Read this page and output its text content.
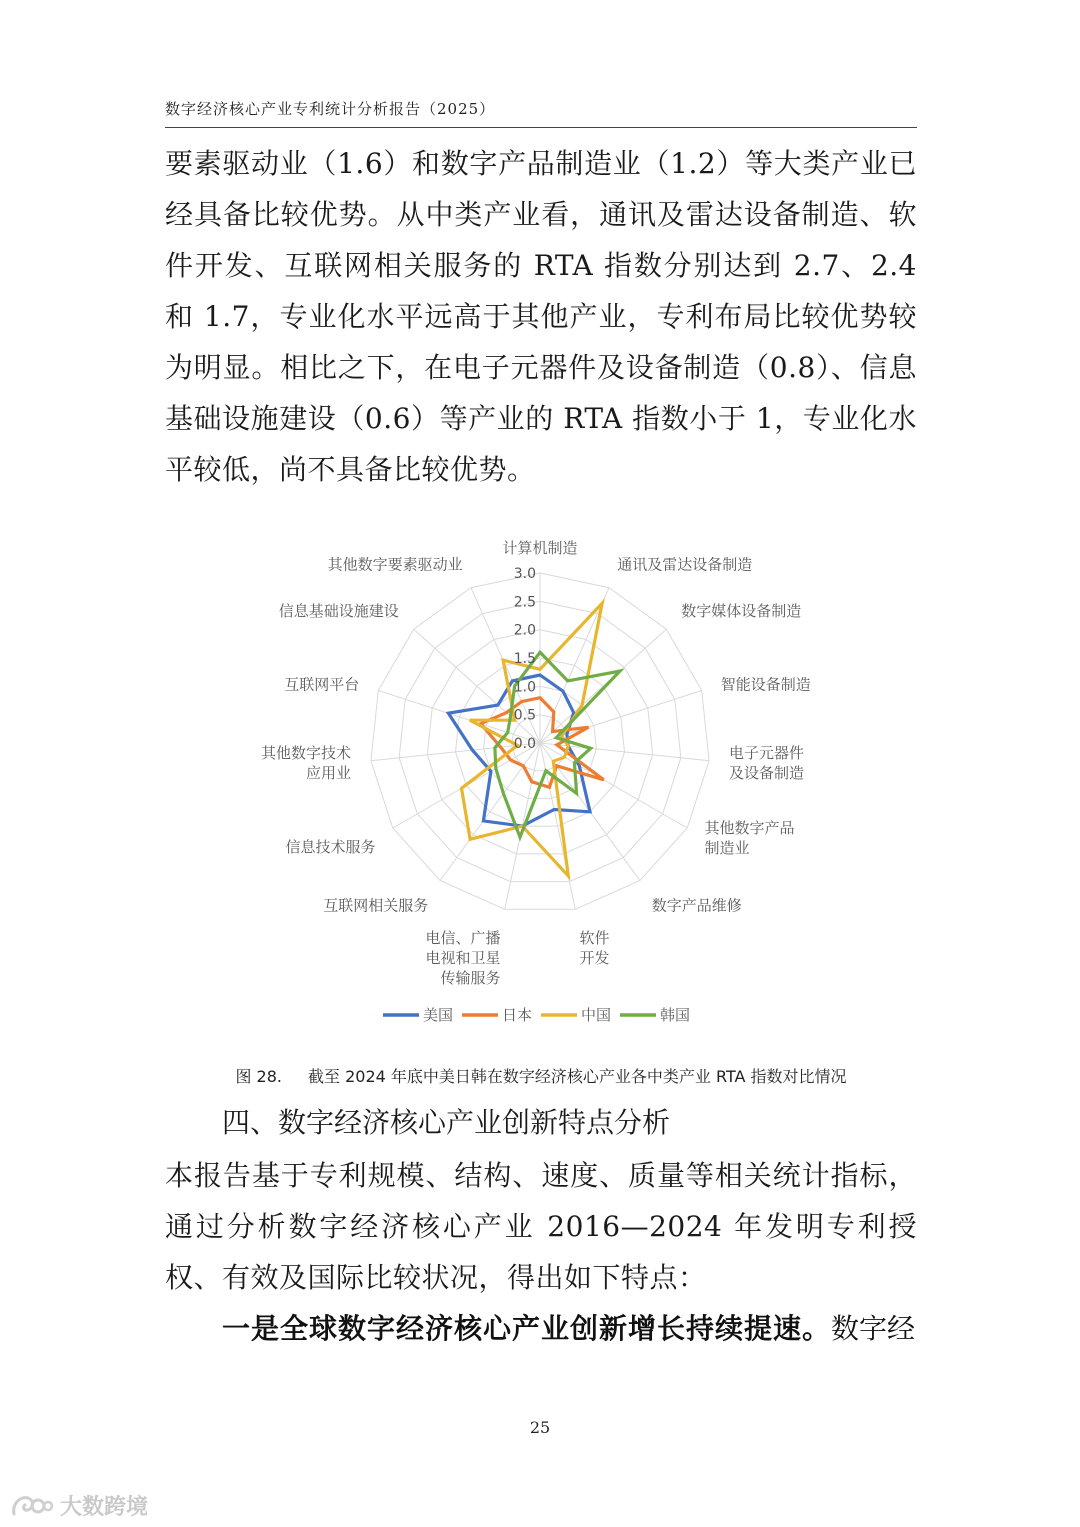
数字经济核心产业专利统计分析报告（2025）

要素驱动业（1.6）和数字产品制造业（1.2）等大类产业已经具备比较优势。从中类产业看，通讯及雷达设备制造、软件开发、互联网相关服务的 RTA 指数分别达到 2.7、2.4 和 1.7，专业化水平远高于其他产业，专利布局比较优势较为明显。相比之下，在电子元器件及设备制造（0.8）、信息基础设施建设（0.6）等产业的 RTA 指数小于 1，专业化水平较低，尚不具备比较优势。

0.0
0.5
1.0
1.5
2.0
2.5
3.0
计算机制造
通讯及雷达设备制造
数字媒体设备制造
智能设备制造
电子元器件及设备制造
其他数字产品制造业
数字产品维修
软件开发
电信、广播电视和卫星传输服务
互联网相关服务
信息技术服务
其他数字技术应用业
互联网平台
信息基础设施建设
其他数字要素驱动业
美国	日本	中国	韩国
图 28. 截至 2024 年底中美日韩在数字经济核心产业各中类产业 RTA 指数对比情况
四、数字经济核心产业创新特点分析

本报告基于专利规模、结构、速度、质量等相关统计指标，通过分析数字经济核心产业 2016—2024 年发明专利授权、有效及国际比较状况，得出如下特点：

一是全球数字经济核心产业创新增长持续提速。数字经

25
大数跨境
